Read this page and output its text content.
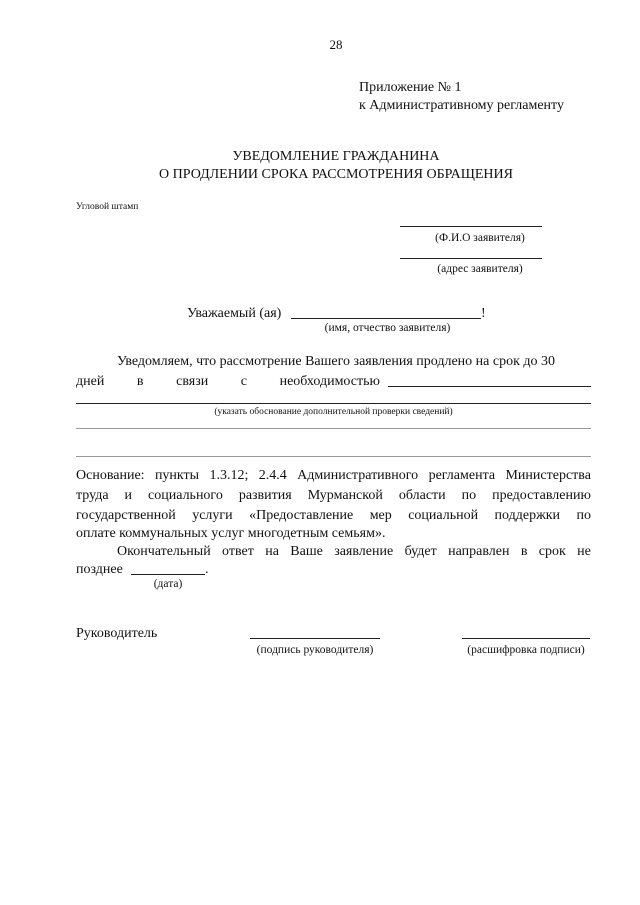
28
Приложение № 1
к Административному регламенту
УВЕДОМЛЕНИЕ ГРАЖДАНИНА
О ПРОДЛЕНИИ СРОКА РАССМОТРЕНИЯ ОБРАЩЕНИЯ
Угловой штамп
(Ф.И.О заявителя)
(адрес заявителя)
Уважаемый (ая)	!
(имя, отчество заявителя)
Уведомляем, что рассмотрение Вашего заявления продлено на срок до 30
дней в связи с необходимостью
(указать обоснование дополнительной проверки сведений)
Основание: пункты 1.3.12; 2.4.4 Административного регламента Министерства
труда и социального развития Мурманской области по предоставлению
государственной услуги «Предоставление мер социальной поддержки по
оплате коммунальных услуг многодетным семьям».
Окончательный ответ на Ваше заявление будет направлен в срок не
позднее	.
(дата)
Руководитель
(подпись руководителя)	(расшифровка подписи)
